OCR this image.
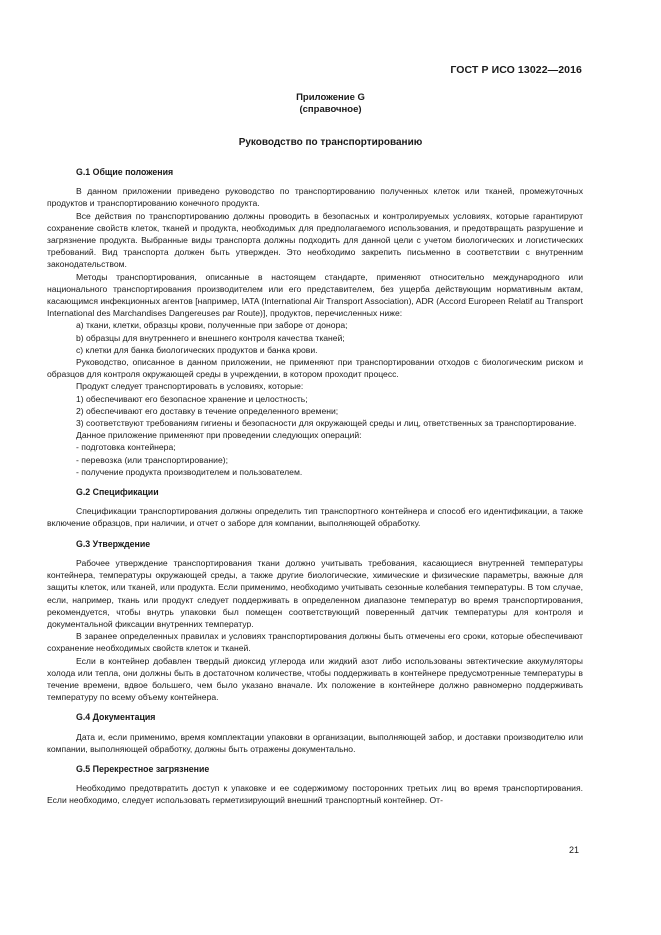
ГОСТ Р ИСО 13022—2016
Приложение G
(справочное)
Руководство по транспортированию
G.1 Общие положения
В данном приложении приведено руководство по транспортированию полученных клеток или тканей, промежуточных продуктов и транспортированию конечного продукта.
Все действия по транспортированию должны проводить в безопасных и контролируемых условиях, которые гарантируют сохранение свойств клеток, тканей и продукта, необходимых для предполагаемого использования, и предотвращать разрушение и загрязнение продукта. Выбранные виды транспорта должны подходить для данной цели с учетом биологических и логистических требований. Вид транспорта должен быть утвержден. Это необходимо закрепить письменно в соответствии с внутренним законодательством.
Методы транспортирования, описанные в настоящем стандарте, применяют относительно международного или национального транспортирования производителем или его представителем, без ущерба действующим нормативным актам, касающимся инфекционных агентов [например, IATA (International Air Transport Association), ADR (Accord Europeen Relatif au Transport International des Marchandises Dangereuses par Route)], продуктов, перечисленных ниже:
а) ткани, клетки, образцы крови, полученные при заборе от донора;
b) образцы для внутреннего и внешнего контроля качества тканей;
с) клетки для банка биологических продуктов и банка крови.
Руководство, описанное в данном приложении, не применяют при транспортировании отходов с биологическим риском и образцов для контроля окружающей среды в учреждении, в котором проходит процесс.
Продукт следует транспортировать в условиях, которые:
1) обеспечивают его безопасное хранение и целостность;
2) обеспечивают его доставку в течение определенного времени;
3) соответствуют требованиям гигиены и безопасности для окружающей среды и лиц, ответственных за транспортирование.
Данное приложение применяют при проведении следующих операций:
- подготовка контейнера;
- перевозка (или транспортирование);
- получение продукта производителем и пользователем.
G.2 Спецификации
Спецификации транспортирования должны определить тип транспортного контейнера и способ его идентификации, а также включение образцов, при наличии, и отчет о заборе для компании, выполняющей обработку.
G.3 Утверждение
Рабочее утверждение транспортирования ткани должно учитывать требования, касающиеся внутренней температуры контейнера, температуры окружающей среды, а также другие биологические, химические и физические параметры, важные для защиты клеток, или тканей, или продукта. Если применимо, необходимо учитывать сезонные колебания температуры. В том случае, если, например, ткань или продукт следует поддерживать в определенном диапазоне температур во время транспортирования, рекомендуется, чтобы внутрь упаковки был помещен соответствующий поверенный датчик температуры для контроля и документальной фиксации внутренних температур.
В заранее определенных правилах и условиях транспортирования должны быть отмечены его сроки, которые обеспечивают сохранение необходимых свойств клеток и тканей.
Если в контейнер добавлен твердый диоксид углерода или жидкий азот либо использованы эвтектические аккумуляторы холода или тепла, они должны быть в достаточном количестве, чтобы поддерживать в контейнере предусмотренные температуры в течение времени, вдвое большего, чем было указано вначале. Их положение в контейнере должно равномерно поддерживать температуру по всему объему контейнера.
G.4 Документация
Дата и, если применимо, время комплектации упаковки в организации, выполняющей забор, и доставки производителю или компании, выполняющей обработку, должны быть отражены документально.
G.5 Перекрестное загрязнение
Необходимо предотвратить доступ к упаковке и ее содержимому посторонних третьих лиц во время транспортирования. Если необходимо, следует использовать герметизирующий внешний транспортный контейнер. От-
21
